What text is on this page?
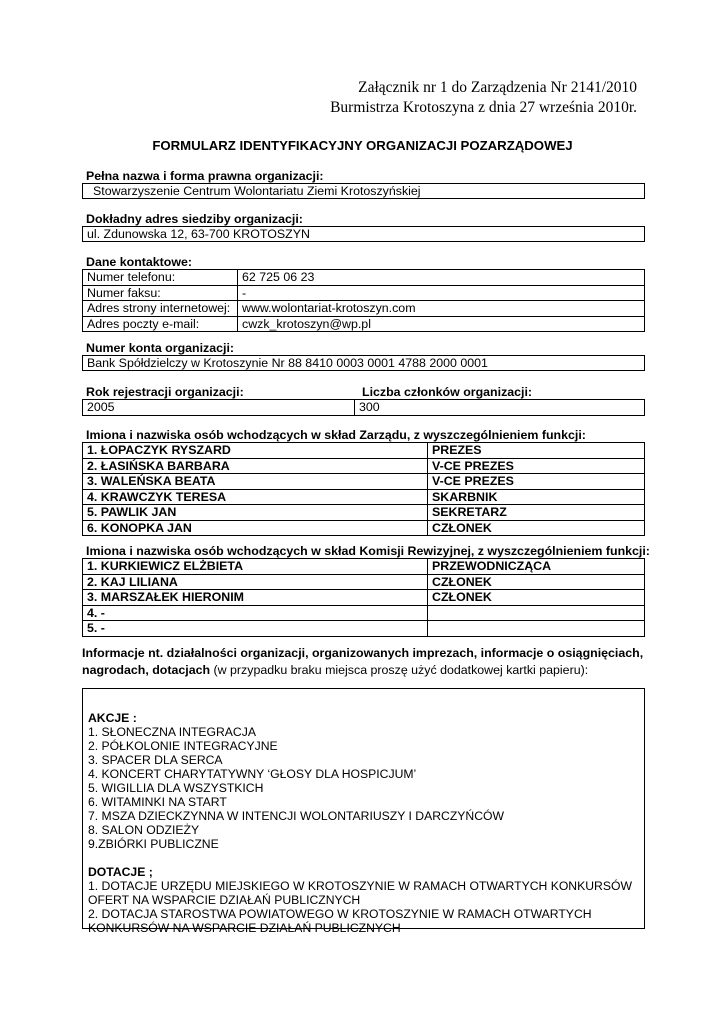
Załącznik nr 1 do Zarządzenia Nr 2141/2010
Burmistrza Krotoszyna z dnia 27 września 2010r.
FORMULARZ IDENTYFIKACYJNY ORGANIZACJI POZARZĄDOWEJ
Pełna nazwa i forma prawna organizacji:
Stowarzyszenie Centrum Wolontariatu Ziemi Krotoszyńskiej
Dokładny adres siedziby organizacji:
ul. Zdunowska 12, 63-700 KROTOSZYN
Dane kontaktowe:
Numer telefonu:	62 725 06 23
Numer faksu:	-
Adres strony internetowej:	www.wolontariat-krotoszyn.com
Adres poczty e-mail:	cwzk_krotoszyn@wp.pl
Numer konta organizacji:
Bank Spółdzielczy w Krotoszynie Nr 88 8410 0003 0001 4788 2000 0001
Rok rejestracji organizacji:	Liczba członków organizacji:
2005	300
Imiona i nazwiska osób wchodzących w skład Zarządu, z wyszczególnieniem funkcji:
1. ŁOPACZYK RYSZARD	PREZES
2. ŁASIŃSKA BARBARA	V-CE PREZES
3. WALEŃSKA BEATA	V-CE PREZES
4. KRAWCZYK TERESA	SKARBNIK
5. PAWLIK JAN	SEKRETARZ
6. KONOPKA JAN	CZŁONEK
Imiona i nazwiska osób wchodzących w skład Komisji Rewizyjnej, z wyszczególnieniem funkcji:
1. KURKIEWICZ ELŻBIETA	PRZEWODNICZĄCA
2. KAJ LILIANA	CZŁONEK
3. MARSZAŁEK HIERONIM	CZŁONEK
4. -	
5. -	
Informacje nt. działalności organizacji, organizowanych imprezach, informacje o osiągnięciach, nagrodach, dotacjach (w przypadku braku miejsca proszę użyć dodatkowej kartki papieru):
AKCJE :
1. SŁONECZNA INTEGRACJA
2. PÓŁKOLONIE INTEGRACYJNE
3. SPACER DLA SERCA
4. KONCERT CHARYTATYWNY ‘GŁOSY DLA HOSPICJUM’
5. WIGILLIA DLA WSZYSTKICH
6. WITAMINKI NA START
7. MSZA DZIECKZYNNA W INTENCJI WOLONTARIUSZY I DARCZYŃCÓW
8. SALON ODZIEŻY
9.ZBIÓRKI PUBLICZNE
DOTACJE ;
1. DOTACJE URZĘDU MIEJSKIEGO W KROTOSZYNIE W RAMACH OTWARTYCH KONKURSÓW
OFERT NA WSPARCIE DZIAŁAŃ PUBLICZNYCH
2. DOTACJA STAROSTWA POWIATOWEGO W KROTOSZYNIE W RAMACH OTWARTYCH
KONKURSÓW NA WSPARCIE DZIAŁAŃ PUBLICZNYCH
